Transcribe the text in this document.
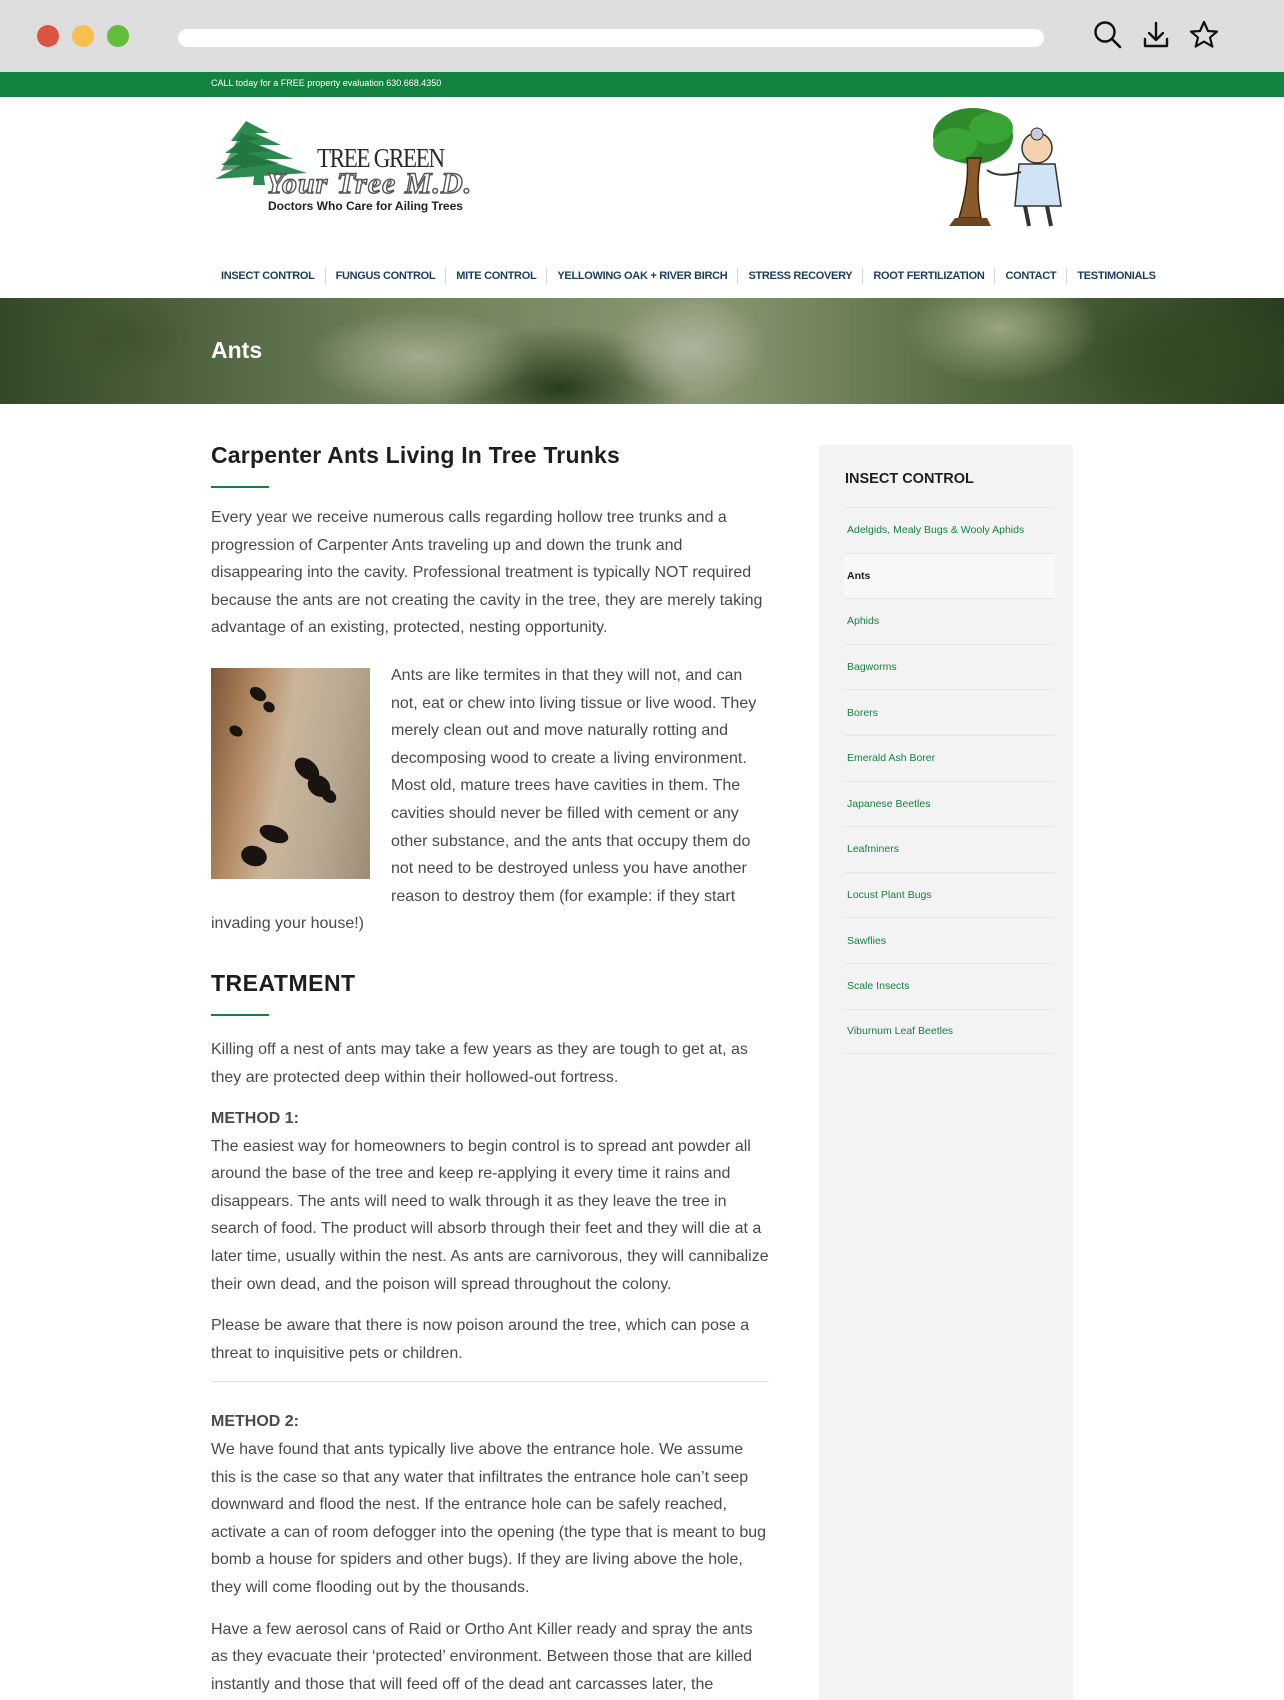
CALL today for a FREE property evaluation 630.668.4350
TREE GREEN
Your Tree M.D.
Doctors Who Care for Ailing Trees
INSECT CONTROL	FUNGUS CONTROL	MITE CONTROL	YELLOWING OAK + RIVER BIRCH	STRESS RECOVERY	ROOT FERTILIZATION	CONTACT	TESTIMONIALS
Ants
Carpenter Ants Living In Tree Trunks

Every year we receive numerous calls regarding hollow tree trunks and a progression of Carpenter Ants traveling up and down the trunk and disappearing into the cavity. Professional treatment is typically NOT required because the ants are not creating the cavity in the tree, they are merely taking advantage of an existing, protected, nesting opportunity.

Ants are like termites in that they will not, and can not, eat or chew into living tissue or live wood. They merely clean out and move naturally rotting and decomposing wood to create a living environment. Most old, mature trees have cavities in them. The cavities should never be filled with cement or any other substance, and the ants that occupy them do not need to be destroyed unless you have another reason to destroy them (for example: if they start invading your house!)

TREATMENT

Killing off a nest of ants may take a few years as they are tough to get at, as they are protected deep within their hollowed-out fortress.

METHOD 1:

The easiest way for homeowners to begin control is to spread ant powder all around the base of the tree and keep re-applying it every time it rains and disappears. The ants will need to walk through it as they leave the tree in search of food. The product will absorb through their feet and they will die at a later time, usually within the nest. As ants are carnivorous, they will cannibalize their own dead, and the poison will spread throughout the colony.

Please be aware that there is now poison around the tree, which can pose a threat to inquisitive pets or children.

METHOD 2:

We have found that ants typically live above the entrance hole. We assume this is the case so that any water that infiltrates the entrance hole can’t seep downward and flood the nest. If the entrance hole can be safely reached, activate a can of room defogger into the opening (the type that is meant to bug bomb a house for spiders and other bugs). If they are living above the hole, they will come flooding out by the thousands.

Have a few aerosol cans of Raid or Ortho Ant Killer ready and spray the ants as they evacuate their ‘protected’ environment. Between those that are killed instantly and those that will feed off of the dead ant carcasses later, the

INSECT CONTROL
Adelgids, Mealy Bugs & Wooly Aphids
Ants
Aphids
Bagworms
Borers
Emerald Ash Borer
Japanese Beetles
Leafminers
Locust Plant Bugs
Sawflies
Scale Insects
Viburnum Leaf Beetles
